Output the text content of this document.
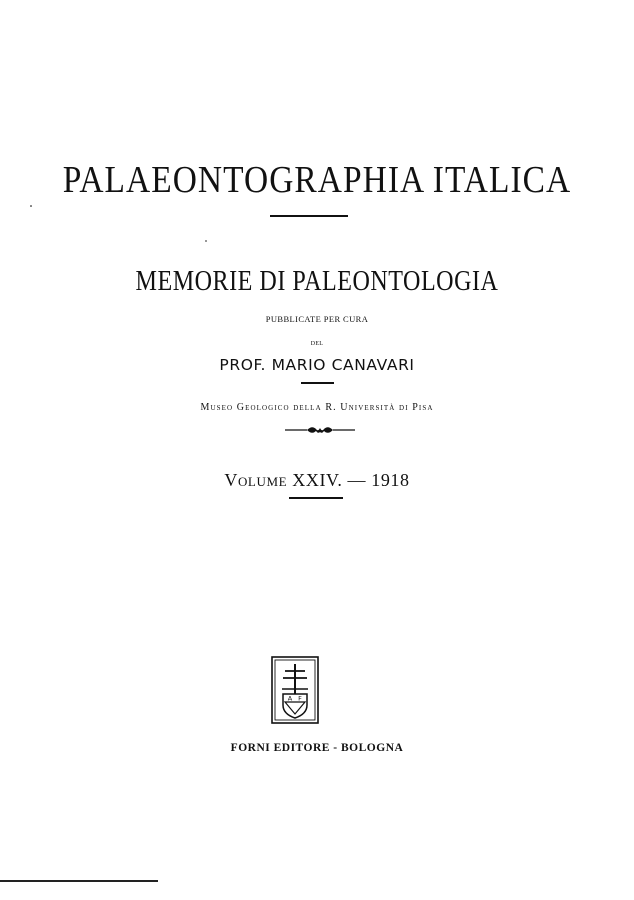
PALAEONTOGRAPHIA ITALICA
MEMORIE DI PALEONTOLOGIA
PUBBLICATE PER CURA
DEL
PROF. MARIO CANAVARI
Museo Geologico della R. Università di Pisa
Volume XXIV. — 1918
A F
FORNI EDITORE - BOLOGNA
